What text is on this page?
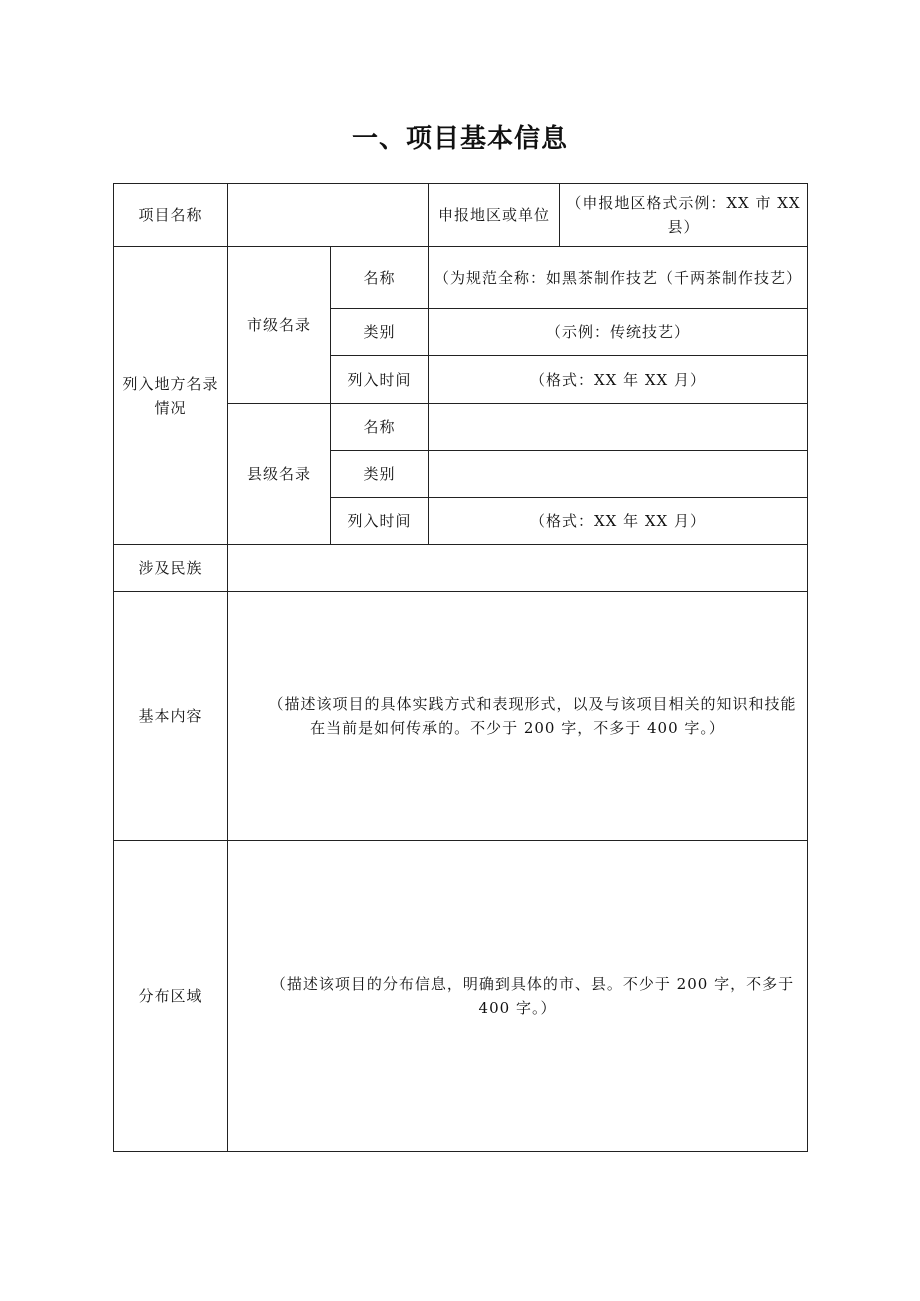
一、项目基本信息
项目名称			申报地区或单位	（申报地区格式示例：XX 市 XX 县）
列入地方名录情况	市级名录	名称	（为规范全称：如黑茶制作技艺（千两茶制作技艺）	
		类别	（示例：传统技艺）	
		列入时间	（格式：XX 年 XX 月）	
	县级名录	名称		
		类别		
		列入时间	（格式：XX 年 XX 月）	
涉及民族				
基本内容	（描述该项目的具体实践方式和表现形式，以及与该项目相关的知识和技能在当前是如何传承的。不少于 200 字，不多于 400 字。）			
分布区域	（描述该项目的分布信息，明确到具体的市、县。不少于 200 字，不多于 400 字。）			
